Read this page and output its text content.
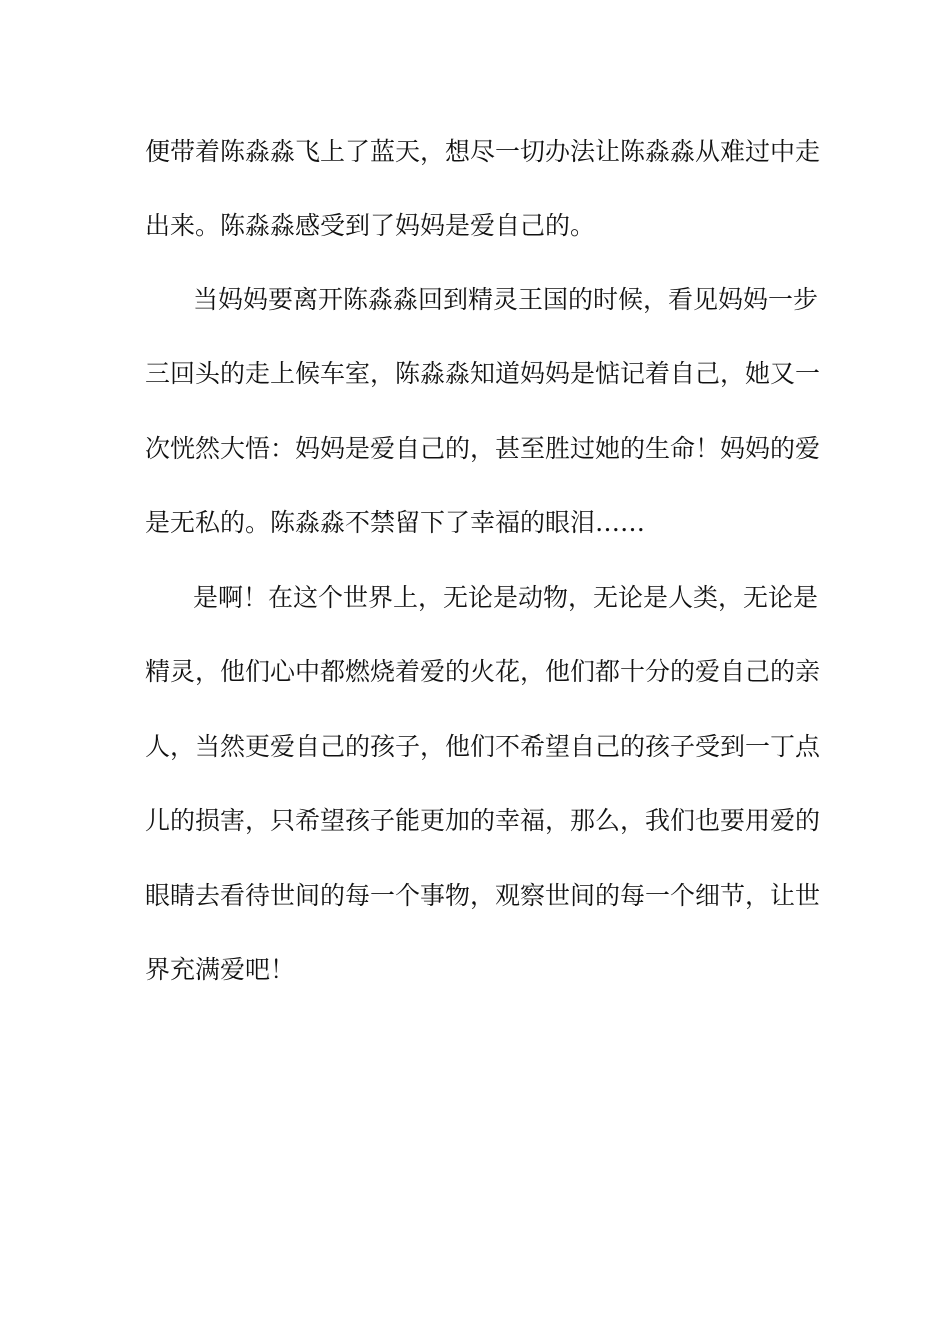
便带着陈淼淼飞上了蓝天，想尽一切办法让陈淼淼从难过中走
出来。陈淼淼感受到了妈妈是爱自己的。
当妈妈要离开陈淼淼回到精灵王国的时候，看见妈妈一步
三回头的走上候车室，陈淼淼知道妈妈是惦记着自己，她又一
次恍然大悟：妈妈是爱自己的，甚至胜过她的生命！妈妈的爱
是无私的。陈淼淼不禁留下了幸福的眼泪……
是啊！在这个世界上，无论是动物，无论是人类，无论是
精灵，他们心中都燃烧着爱的火花，他们都十分的爱自己的亲
人，当然更爱自己的孩子，他们不希望自己的孩子受到一丁点
儿的损害，只希望孩子能更加的幸福，那么，我们也要用爱的
眼睛去看待世间的每一个事物，观察世间的每一个细节，让世
界充满爱吧！
